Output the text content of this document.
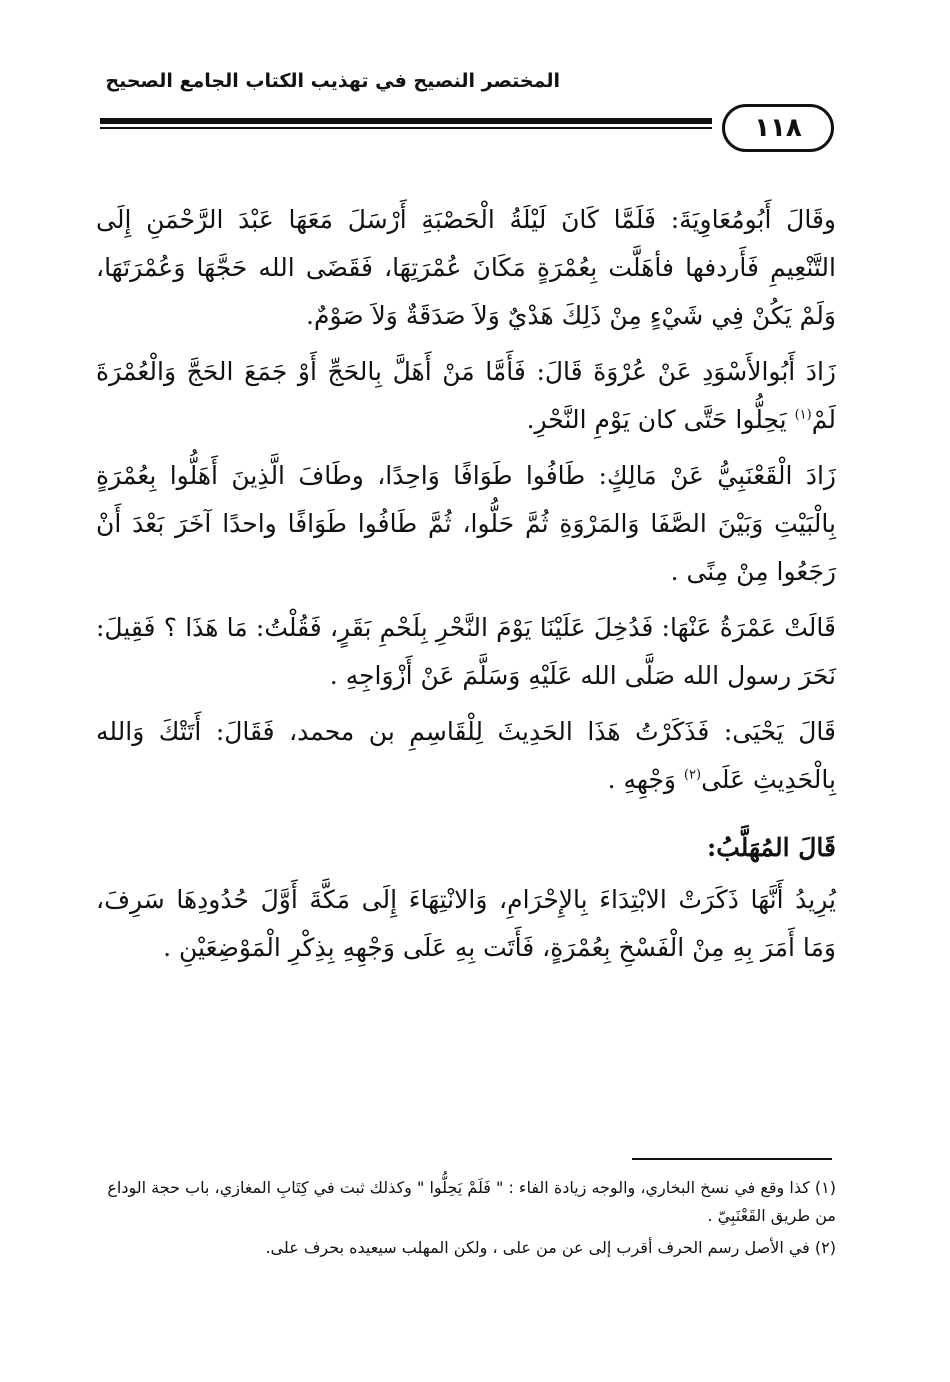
المختصر النصيح في تهذيب الكتاب الجامع الصحيح
١١٨

وقَالَ أَبُومُعَاوِيَةَ: فَلَمَّا كَانَ لَيْلَةُ الْحَصْبَةِ أَرْسَلَ مَعَهَا عَبْدَ الرَّحْمَنِ إِلَى التَّنْعِيمِ فَأَردفها فأهَلَّت بِعُمْرَةٍ مَكَانَ عُمْرَتِهَا، فَقَضَى الله حَجَّهَا وَعُمْرَتَهَا، وَلَمْ يَكُنْ فِي شَيْءٍ مِنْ ذَلِكَ هَدْيٌ وَلاَ صَدَقَةٌ وَلاَ صَوْمٌ.

زَادَ أَبُوالأَسْوَدِ عَنْ عُرْوَةَ قَالَ: فَأَمَّا مَنْ أَهَلَّ بِالحَجِّ أَوْ جَمَعَ الحَجَّ وَالْعُمْرَةَ لَمْ$^{(١)}$ يَحِلُّوا حَتَّى كان يَوْمِ النَّحْرِ.

زَادَ الْقَعْنَبِيُّ عَنْ مَالِكٍ: طَافُوا طَوَافًا وَاحِدًا، وطَافَ الَّذِينَ أَهَلُّوا بِعُمْرَةٍ بِالْبَيْتِ وَبَيْنَ الصَّفَا وَالمَرْوَةِ ثُمَّ حَلُّوا، ثُمَّ طَافُوا طَوَافًا واحدًا آخَرَ بَعْدَ أَنْ رَجَعُوا مِنْ مِنًى .

قَالَتْ عَمْرَةُ عَنْهَا: فَدُخِلَ عَلَيْنَا يَوْمَ النَّحْرِ بِلَحْمِ بَقَرٍ، فَقُلْتُ: مَا هَذَا ؟ فَقِيلَ: نَحَرَ رسول الله صَلَّى الله عَلَيْهِ وَسَلَّمَ عَنْ أَزْوَاجِهِ .

قَالَ يَحْيَى: فَذَكَرْتُ هَذَا الحَدِيثَ لِلْقَاسِمِ بن محمد، فَقَالَ: أَتَتْكَ وَالله بِالْحَدِيثِ عَلَى$^{(٢)}$ وَجْهِهِ .

قَالَ المُهَلَّبُ:

يُرِيدُ أَنَّهَا ذَكَرَتْ الابْتِدَاءَ بِالإِحْرَامِ، وَالانْتِهَاءَ إِلَى مَكَّةَ أَوَّلَ حُدُودِهَا سَرِفَ، وَمَا أَمَرَ بِهِ مِنْ الْفَسْخِ بِعُمْرَةٍ، فَأَتَت بِهِ عَلَى وَجْهِهِ بِذِكْرِ الْمَوْضِعَيْنِ .

(١) كذا وقع في نسخ البخاري، والوجه زيادة الفاء : " فَلَمْ يَحِلُّوا " وكذلك ثبت في كِتَابِ المغازي، باب حجة الوداع من طريق القَعْنَبِيّ .

(٢) في الأصل رسم الحرف أقرب إلى عن من على ، ولكن المهلب سيعيده بحرف على.
